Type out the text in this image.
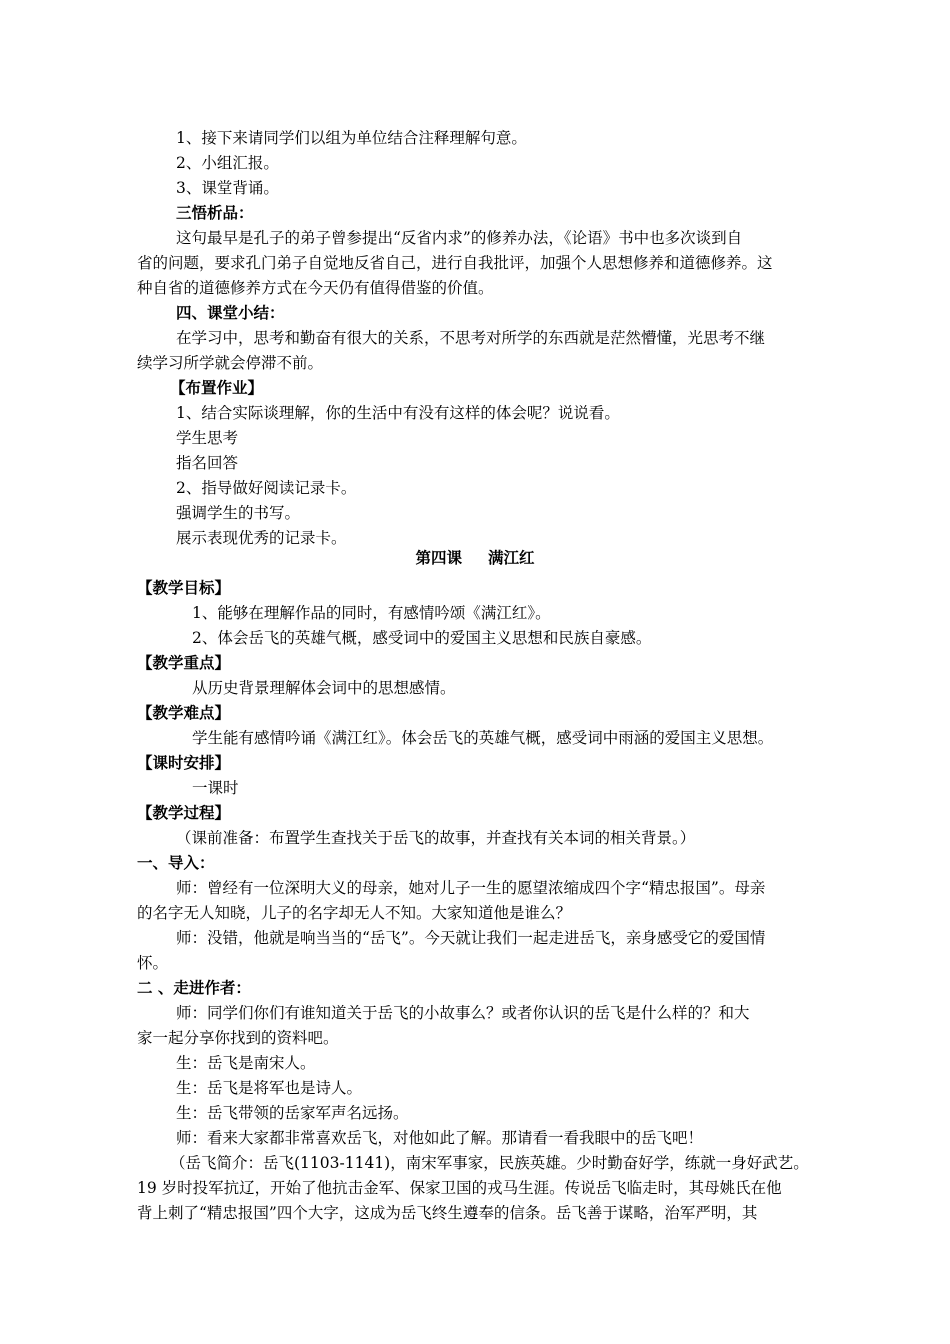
1、接下来请同学们以组为单位结合注释理解句意。
2、小组汇报。
3、课堂背诵。
三悟析品：
这句最早是孔子的弟子曾参提出“反省内求”的修养办法，《论语》书中也多次谈到自
省的问题，要求孔门弟子自觉地反省自己，进行自我批评，加强个人思想修养和道德修养。这
种自省的道德修养方式在今天仍有值得借鉴的价值。
四、课堂小结：
在学习中，思考和勤奋有很大的关系，不思考对所学的东西就是茫然懵懂，光思考不继
续学习所学就会停滞不前。
【布置作业】
1、结合实际谈理解，你的生活中有没有这样的体会呢？说说看。
学生思考
指名回答
2、指导做好阅读记录卡。
强调学生的书写。
展示表现优秀的记录卡。
第四课 满江红
【教学目标】
1、能够在理解作品的同时，有感情吟颂《满江红》。
2、体会岳飞的英雄气概，感受词中的爱国主义思想和民族自豪感。
【教学重点】
从历史背景理解体会词中的思想感情。
【教学难点】
学生能有感情吟诵《满江红》。体会岳飞的英雄气概，感受词中雨涵的爱国主义思想。
【课时安排】
一课时
【教学过程】
（课前准备：布置学生查找关于岳飞的故事，并查找有关本词的相关背景。）
一、导入：
师：曾经有一位深明大义的母亲，她对儿子一生的愿望浓缩成四个字“精忠报国”。母亲
的名字无人知晓，儿子的名字却无人不知。大家知道他是谁么？
师：没错，他就是响当当的“岳飞”。今天就让我们一起走进岳飞，亲身感受它的爱国情
怀。
二 、走进作者：
师：同学们你们有谁知道关于岳飞的小故事么？或者你认识的岳飞是什么样的？和大
家一起分享你找到的资料吧。
生：岳飞是南宋人。
生：岳飞是将军也是诗人。
生：岳飞带领的岳家军声名远扬。
师：看来大家都非常喜欢岳飞，对他如此了解。那请看一看我眼中的岳飞吧！
（岳飞简介：岳飞(1103-1141)，南宋军事家，民族英雄。少时勤奋好学，练就一身好武艺。
19 岁时投军抗辽，开始了他抗击金军、保家卫国的戎马生涯。传说岳飞临走时，其母姚氏在他
背上刺了“精忠报国”四个大字，这成为岳飞终生遵奉的信条。岳飞善于谋略，治军严明，其
